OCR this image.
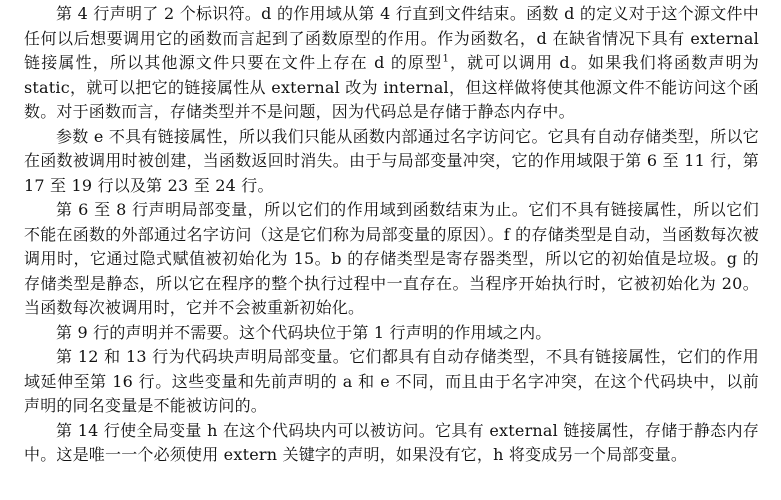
第 4 行声明了 2 个标识符。d 的作用域从第 4 行直到文件结束。函数 d 的定义对于这个源文件中任何以后想要调用它的函数而言起到了函数原型的作用。作为函数名，d 在缺省情况下具有 external 链接属性，所以其他源文件只要在文件上存在 d 的原型$^1$，就可以调用 d。如果我们将函数声明为 static，就可以把它的链接属性从 external 改为 internal，但这样做将使其他源文件不能访问这个函数。对于函数而言，存储类型并不是问题，因为代码总是存储于静态内存中。

参数 e 不具有链接属性，所以我们只能从函数内部通过名字访问它。它具有自动存储类型，所以它在函数被调用时被创建，当函数返回时消失。由于与局部变量冲突，它的作用域限于第 6 至 11 行，第 17 至 19 行以及第 23 至 24 行。

第 6 至 8 行声明局部变量，所以它们的作用域到函数结束为止。它们不具有链接属性，所以它们不能在函数的外部通过名字访问（这是它们称为局部变量的原因）。f 的存储类型是自动，当函数每次被调用时，它通过隐式赋值被初始化为 15。b 的存储类型是寄存器类型，所以它的初始值是垃圾。g 的存储类型是静态，所以它在程序的整个执行过程中一直存在。当程序开始执行时，它被初始化为 20。当函数每次被调用时，它并不会被重新初始化。

第 9 行的声明并不需要。这个代码块位于第 1 行声明的作用域之内。

第 12 和 13 行为代码块声明局部变量。它们都具有自动存储类型，不具有链接属性，它们的作用域延伸至第 16 行。这些变量和先前声明的 a 和 e 不同，而且由于名字冲突，在这个代码块中，以前声明的同名变量是不能被访问的。

第 14 行使全局变量 h 在这个代码块内可以被访问。它具有 external 链接属性，存储于静态内存中。这是唯一一个必须使用 extern 关键字的声明，如果没有它，h 将变成另一个局部变量。
